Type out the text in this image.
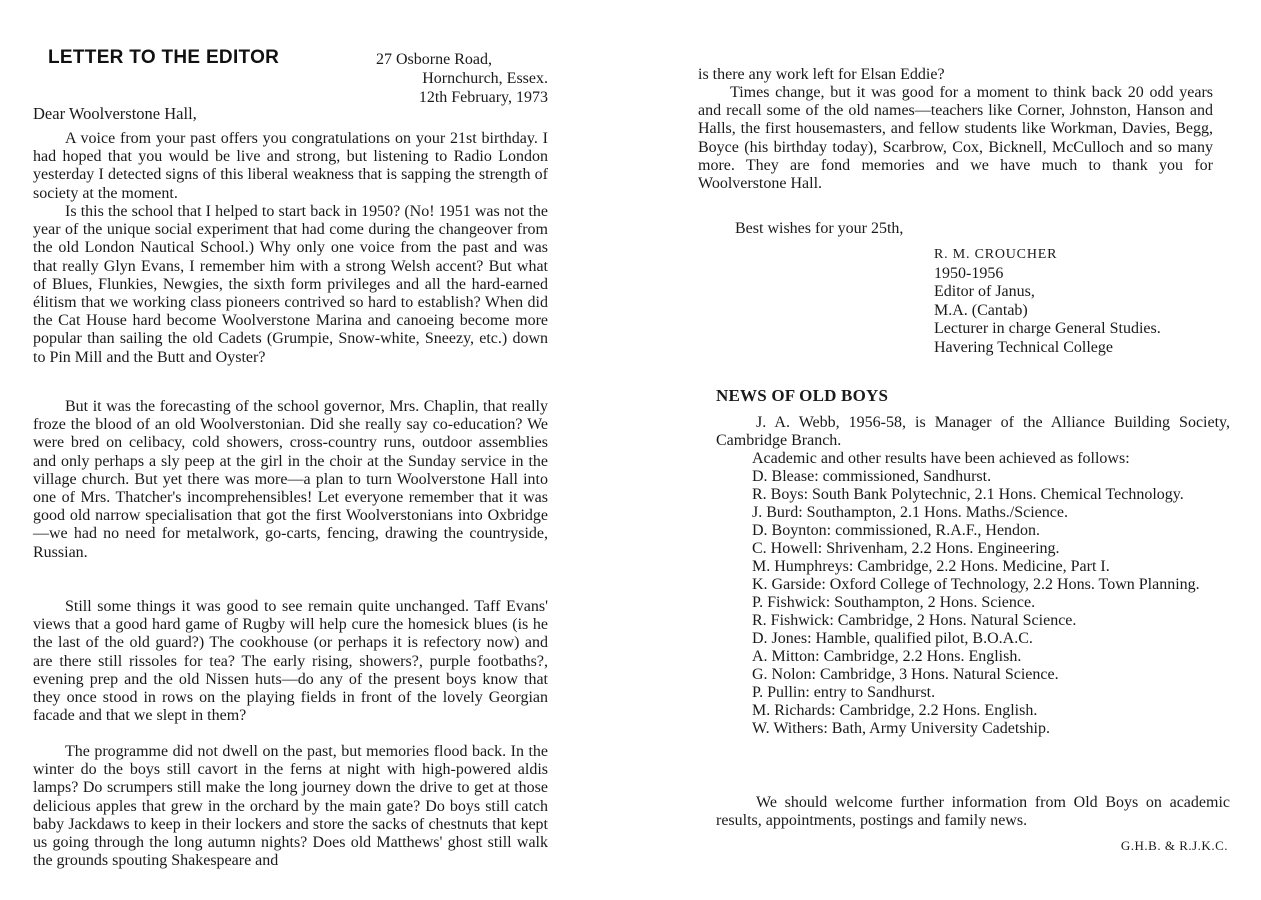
LETTER TO THE EDITOR	27 Osborne Road,
Hornchurch, Essex.
12th February, 1973
Dear Woolverstone Hall,

A voice from your past offers you congratulations on your 21st birthday. I had hoped that you would be live and strong, but listening to Radio London yesterday I detected signs of this liberal weakness that is sapping the strength of society at the moment.

Is this the school that I helped to start back in 1950? (No! 1951 was not the year of the unique social experiment that had come during the changeover from the old London Nautical School.) Why only one voice from the past and was that really Glyn Evans, I remember him with a strong Welsh accent? But what of Blues, Flunkies, Newgies, the sixth form privileges and all the hard-earned élitism that we working class pioneers contrived so hard to establish? When did the Cat House hard become Woolverstone Marina and canoeing become more popular than sailing the old Cadets (Grumpie, Snow-white, Sneezy, etc.) down to Pin Mill and the Butt and Oyster?

But it was the forecasting of the school governor, Mrs. Chaplin, that really froze the blood of an old Woolverstonian. Did she really say co-education? We were bred on celibacy, cold showers, cross-country runs, outdoor assemblies and only perhaps a sly peep at the girl in the choir at the Sunday service in the village church. But yet there was more—a plan to turn Woolverstone Hall into one of Mrs. Thatcher's incomprehensibles! Let everyone remember that it was good old narrow specialisation that got the first Woolverstonians into Oxbridge—we had no need for metalwork, go-carts, fencing, drawing the countryside, Russian.

Still some things it was good to see remain quite unchanged. Taff Evans' views that a good hard game of Rugby will help cure the homesick blues (is he the last of the old guard?) The cookhouse (or perhaps it is refectory now) and are there still rissoles for tea? The early rising, showers?, purple footbaths?, evening prep and the old Nissen huts—do any of the present boys know that they once stood in rows on the playing fields in front of the lovely Georgian facade and that we slept in them?

The programme did not dwell on the past, but memories flood back. In the winter do the boys still cavort in the ferns at night with high-powered aldis lamps? Do scrumpers still make the long journey down the drive to get at those delicious apples that grew in the orchard by the main gate? Do boys still catch baby Jackdaws to keep in their lockers and store the sacks of chestnuts that kept us going through the long autumn nights? Does old Matthews' ghost still walk the grounds spouting Shakespeare and

is there any work left for Elsan Eddie?

Times change, but it was good for a moment to think back 20 odd years and recall some of the old names—teachers like Corner, Johnston, Hanson and Halls, the first housemasters, and fellow students like Workman, Davies, Begg, Boyce (his birthday today), Scarbrow, Cox, Bicknell, McCulloch and so many more. They are fond memories and we have much to thank you for Woolverstone Hall.

Best wishes for your 25th,
R. M. CROUCHER
1950-1956
Editor of Janus,
M.A. (Cantab)
Lecturer in charge General Studies.
Havering Technical College
NEWS OF OLD BOYS

J. A. Webb, 1956-58, is Manager of the Alliance Building Society, Cambridge Branch.

Academic and other results have been achieved as follows:
D. Blease: commissioned, Sandhurst.
R. Boys: South Bank Polytechnic, 2.1 Hons. Chemical Technology.
J. Burd: Southampton, 2.1 Hons. Maths./Science.
D. Boynton: commissioned, R.A.F., Hendon.
C. Howell: Shrivenham, 2.2 Hons. Engineering.
M. Humphreys: Cambridge, 2.2 Hons. Medicine, Part I.
K. Garside: Oxford College of Technology, 2.2 Hons. Town Planning.
P. Fishwick: Southampton, 2 Hons. Science.
R. Fishwick: Cambridge, 2 Hons. Natural Science.
D. Jones: Hamble, qualified pilot, B.O.A.C.
A. Mitton: Cambridge, 2.2 Hons. English.
G. Nolon: Cambridge, 3 Hons. Natural Science.
P. Pullin: entry to Sandhurst.
M. Richards: Cambridge, 2.2 Hons. English.
W. Withers: Bath, Army University Cadetship.

We should welcome further information from Old Boys on academic results, appointments, postings and family news.

G.H.B. & R.J.K.C.
